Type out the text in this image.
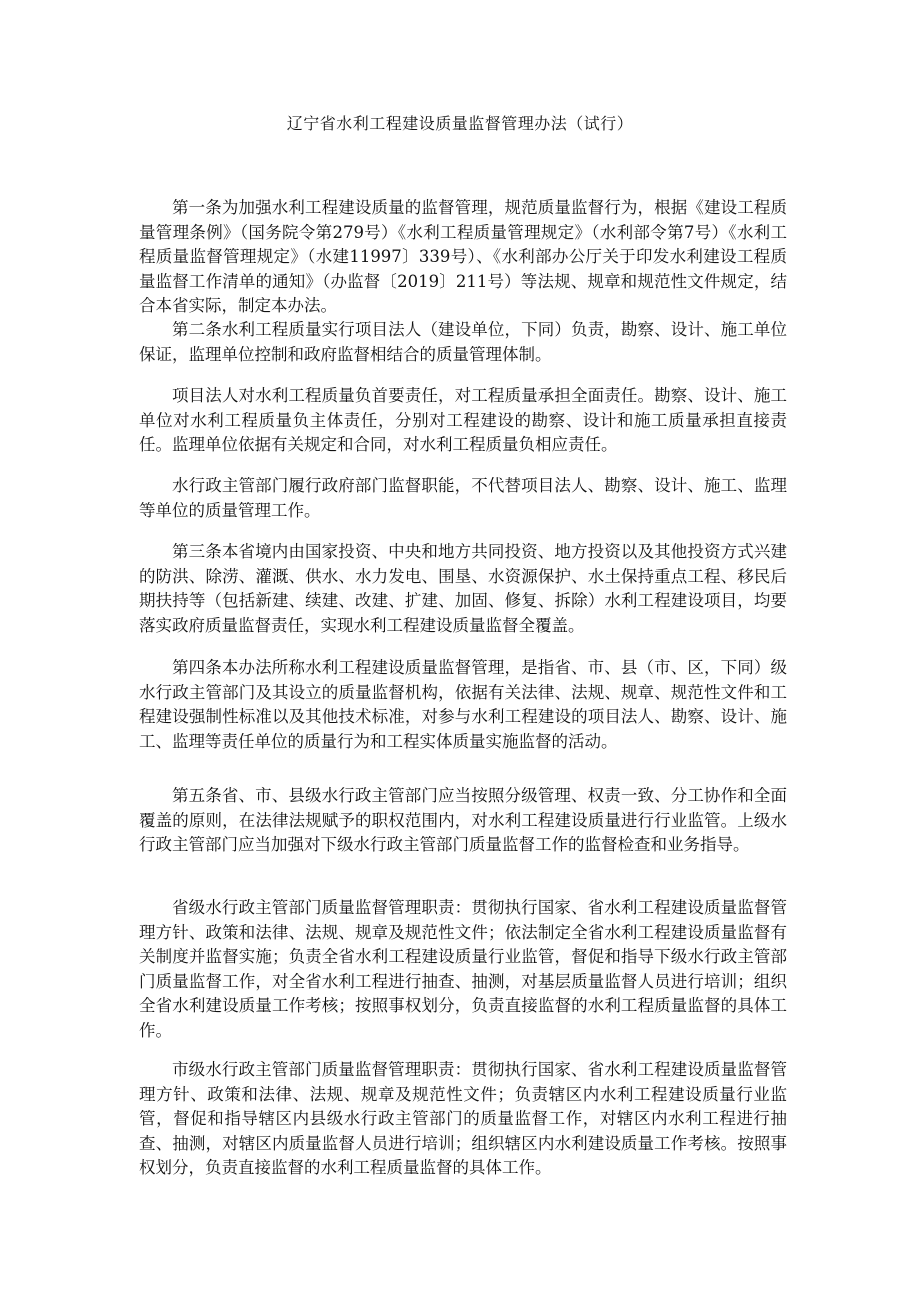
辽宁省水利工程建设质量监督管理办法（试行）

第一条为加强水利工程建设质量的监督管理，规范质量监督行为，根据《建设工程质量管理条例》（国务院令第279号）《水利工程质量管理规定》（水利部令第7号）《水利工程质量监督管理规定》（水建11997〕339号）、《水利部办公厅关于印发水利建设工程质量监督工作清单的通知》（办监督〔2019〕211号）等法规、规章和规范性文件规定，结合本省实际，制定本办法。

第二条水利工程质量实行项目法人（建设单位，下同）负责，勘察、设计、施工单位保证，监理单位控制和政府监督相结合的质量管理体制。

项目法人对水利工程质量负首要责任，对工程质量承担全面责任。勘察、设计、施工单位对水利工程质量负主体责任，分别对工程建设的勘察、设计和施工质量承担直接责任。监理单位依据有关规定和合同，对水利工程质量负相应责任。

水行政主管部门履行政府部门监督职能，不代替项目法人、勘察、设计、施工、监理等单位的质量管理工作。

第三条本省境内由国家投资、中央和地方共同投资、地方投资以及其他投资方式兴建的防洪、除涝、灌溉、供水、水力发电、围垦、水资源保护、水土保持重点工程、移民后期扶持等（包括新建、续建、改建、扩建、加固、修复、拆除）水利工程建设项目，均要落实政府质量监督责任，实现水利工程建设质量监督全覆盖。

第四条本办法所称水利工程建设质量监督管理，是指省、市、县（市、区，下同）级水行政主管部门及其设立的质量监督机构，依据有关法律、法规、规章、规范性文件和工程建设强制性标准以及其他技术标准，对参与水利工程建设的项目法人、勘察、设计、施工、监理等责任单位的质量行为和工程实体质量实施监督的活动。

第五条省、市、县级水行政主管部门应当按照分级管理、权责一致、分工协作和全面覆盖的原则，在法律法规赋予的职权范围内，对水利工程建设质量进行行业监管。上级水行政主管部门应当加强对下级水行政主管部门质量监督工作的监督检查和业务指导。

省级水行政主管部门质量监督管理职责：贯彻执行国家、省水利工程建设质量监督管理方针、政策和法律、法规、规章及规范性文件；依法制定全省水利工程建设质量监督有关制度并监督实施；负责全省水利工程建设质量行业监管，督促和指导下级水行政主管部门质量监督工作，对全省水利工程进行抽查、抽测，对基层质量监督人员进行培训；组织全省水利建设质量工作考核；按照事权划分，负责直接监督的水利工程质量监督的具体工作。

市级水行政主管部门质量监督管理职责：贯彻执行国家、省水利工程建设质量监督管理方针、政策和法律、法规、规章及规范性文件；负责辖区内水利工程建设质量行业监管，督促和指导辖区内县级水行政主管部门的质量监督工作，对辖区内水利工程进行抽查、抽测，对辖区内质量监督人员进行培训；组织辖区内水利建设质量工作考核。按照事权划分，负责直接监督的水利工程质量监督的具体工作。
